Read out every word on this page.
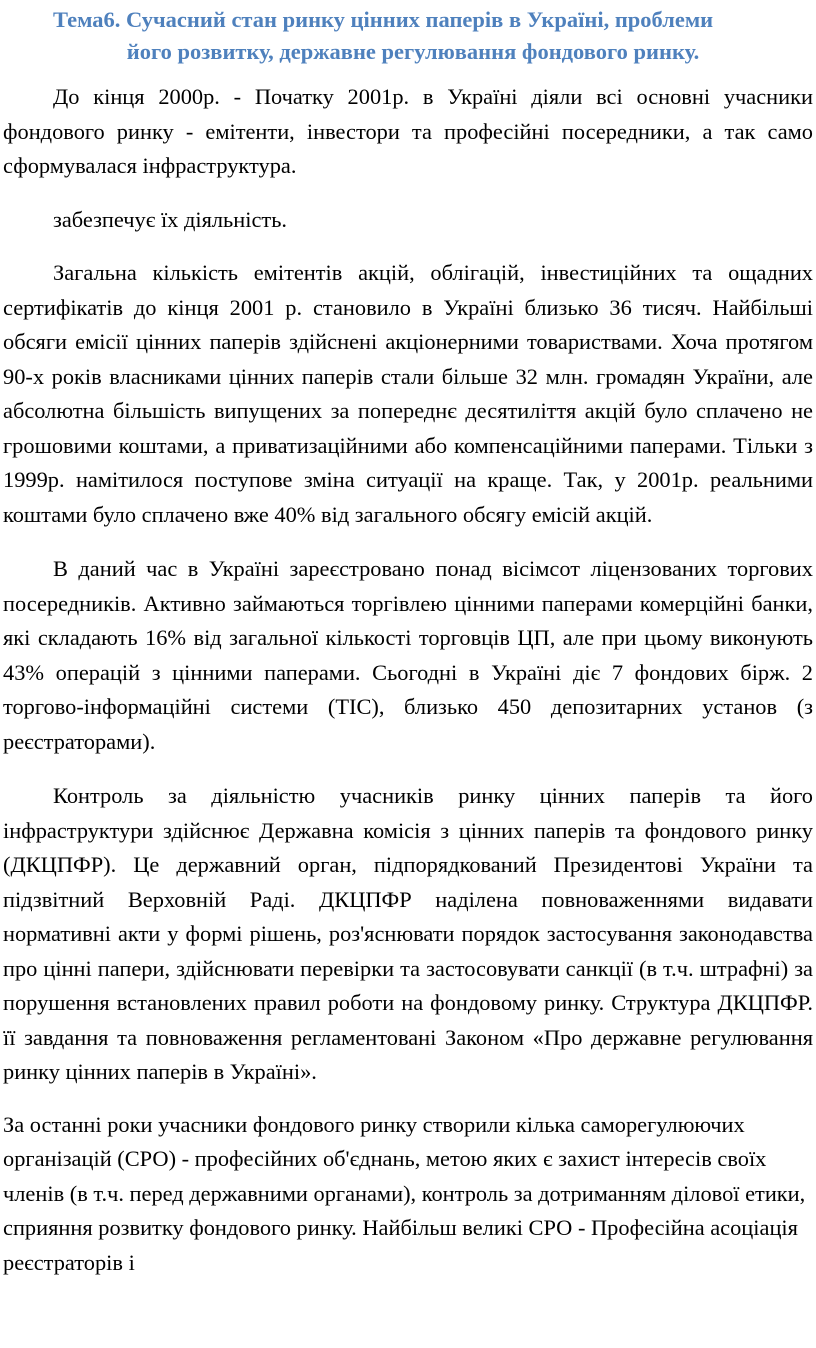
Тема6. Сучасний стан ринку цінних паперів в Україні, проблеми
його розвитку, державне регулювання фондового ринку.

До кінця 2000р. - Початку 2001р. в Україні діяли всі основні учасники фондового ринку - емітенти, інвестори та професійні посередники, а так само сформувалася інфраструктура.

забезпечує їх діяльність.

Загальна кількість емітентів акцій, облігацій, інвестиційних та ощадних сертифікатів до кінця 2001 р. становило в Україні близько 36 тисяч. Найбільші обсяги емісії цінних паперів здійснені акціонерними товариствами. Хоча протягом 90-х років власниками цінних паперів стали більше 32 млн. громадян України, але абсолютна більшість випущених за попереднє десятиліття акцій було сплачено не грошовими коштами, а приватизаційними або компенсаційними паперами. Тільки з 1999р. намітилося поступове зміна ситуації на краще. Так, у 2001р. реальними коштами було сплачено вже 40% від загального обсягу емісій акцій.

В даний час в Україні зареєстровано понад вісімсот ліцензованих торгових посередників. Активно займаються торгівлею цінними паперами комерційні банки, які складають 16% від загальної кількості торговців ЦП, але при цьому виконують 43% операцій з цінними паперами. Сьогодні в Україні діє 7 фондових бірж. 2 торгово-інформаційні системи (ТІС), близько 450 депозитарних установ (з реєстраторами).

Контроль за діяльністю учасників ринку цінних паперів та його інфраструктури здійснює Державна комісія з цінних паперів та фондового ринку (ДКЦПФР). Це державний орган, підпорядкований Президентові України та підзвітний Верховній Раді. ДКЦПФР наділена повноваженнями видавати нормативні акти у формі рішень, роз'яснювати порядок застосування законодавства про цінні папери, здійснювати перевірки та застосовувати санкції (в т.ч. штрафні) за порушення встановлених правил роботи на фондовому ринку. Структура ДКЦПФР. її завдання та повноваження регламентовані Законом «Про державне регулювання ринку цінних паперів в Україні».

За останні роки учасники фондового ринку створили кілька саморегулюючих організацій (СРО) - професійних об'єднань, метою яких є захист інтересів своїх членів (в т.ч. перед державними органами), контроль за дотриманням ділової етики, сприяння розвитку фондового ринку. Найбільш великі СРО - Професійна асоціація реєстраторів і
